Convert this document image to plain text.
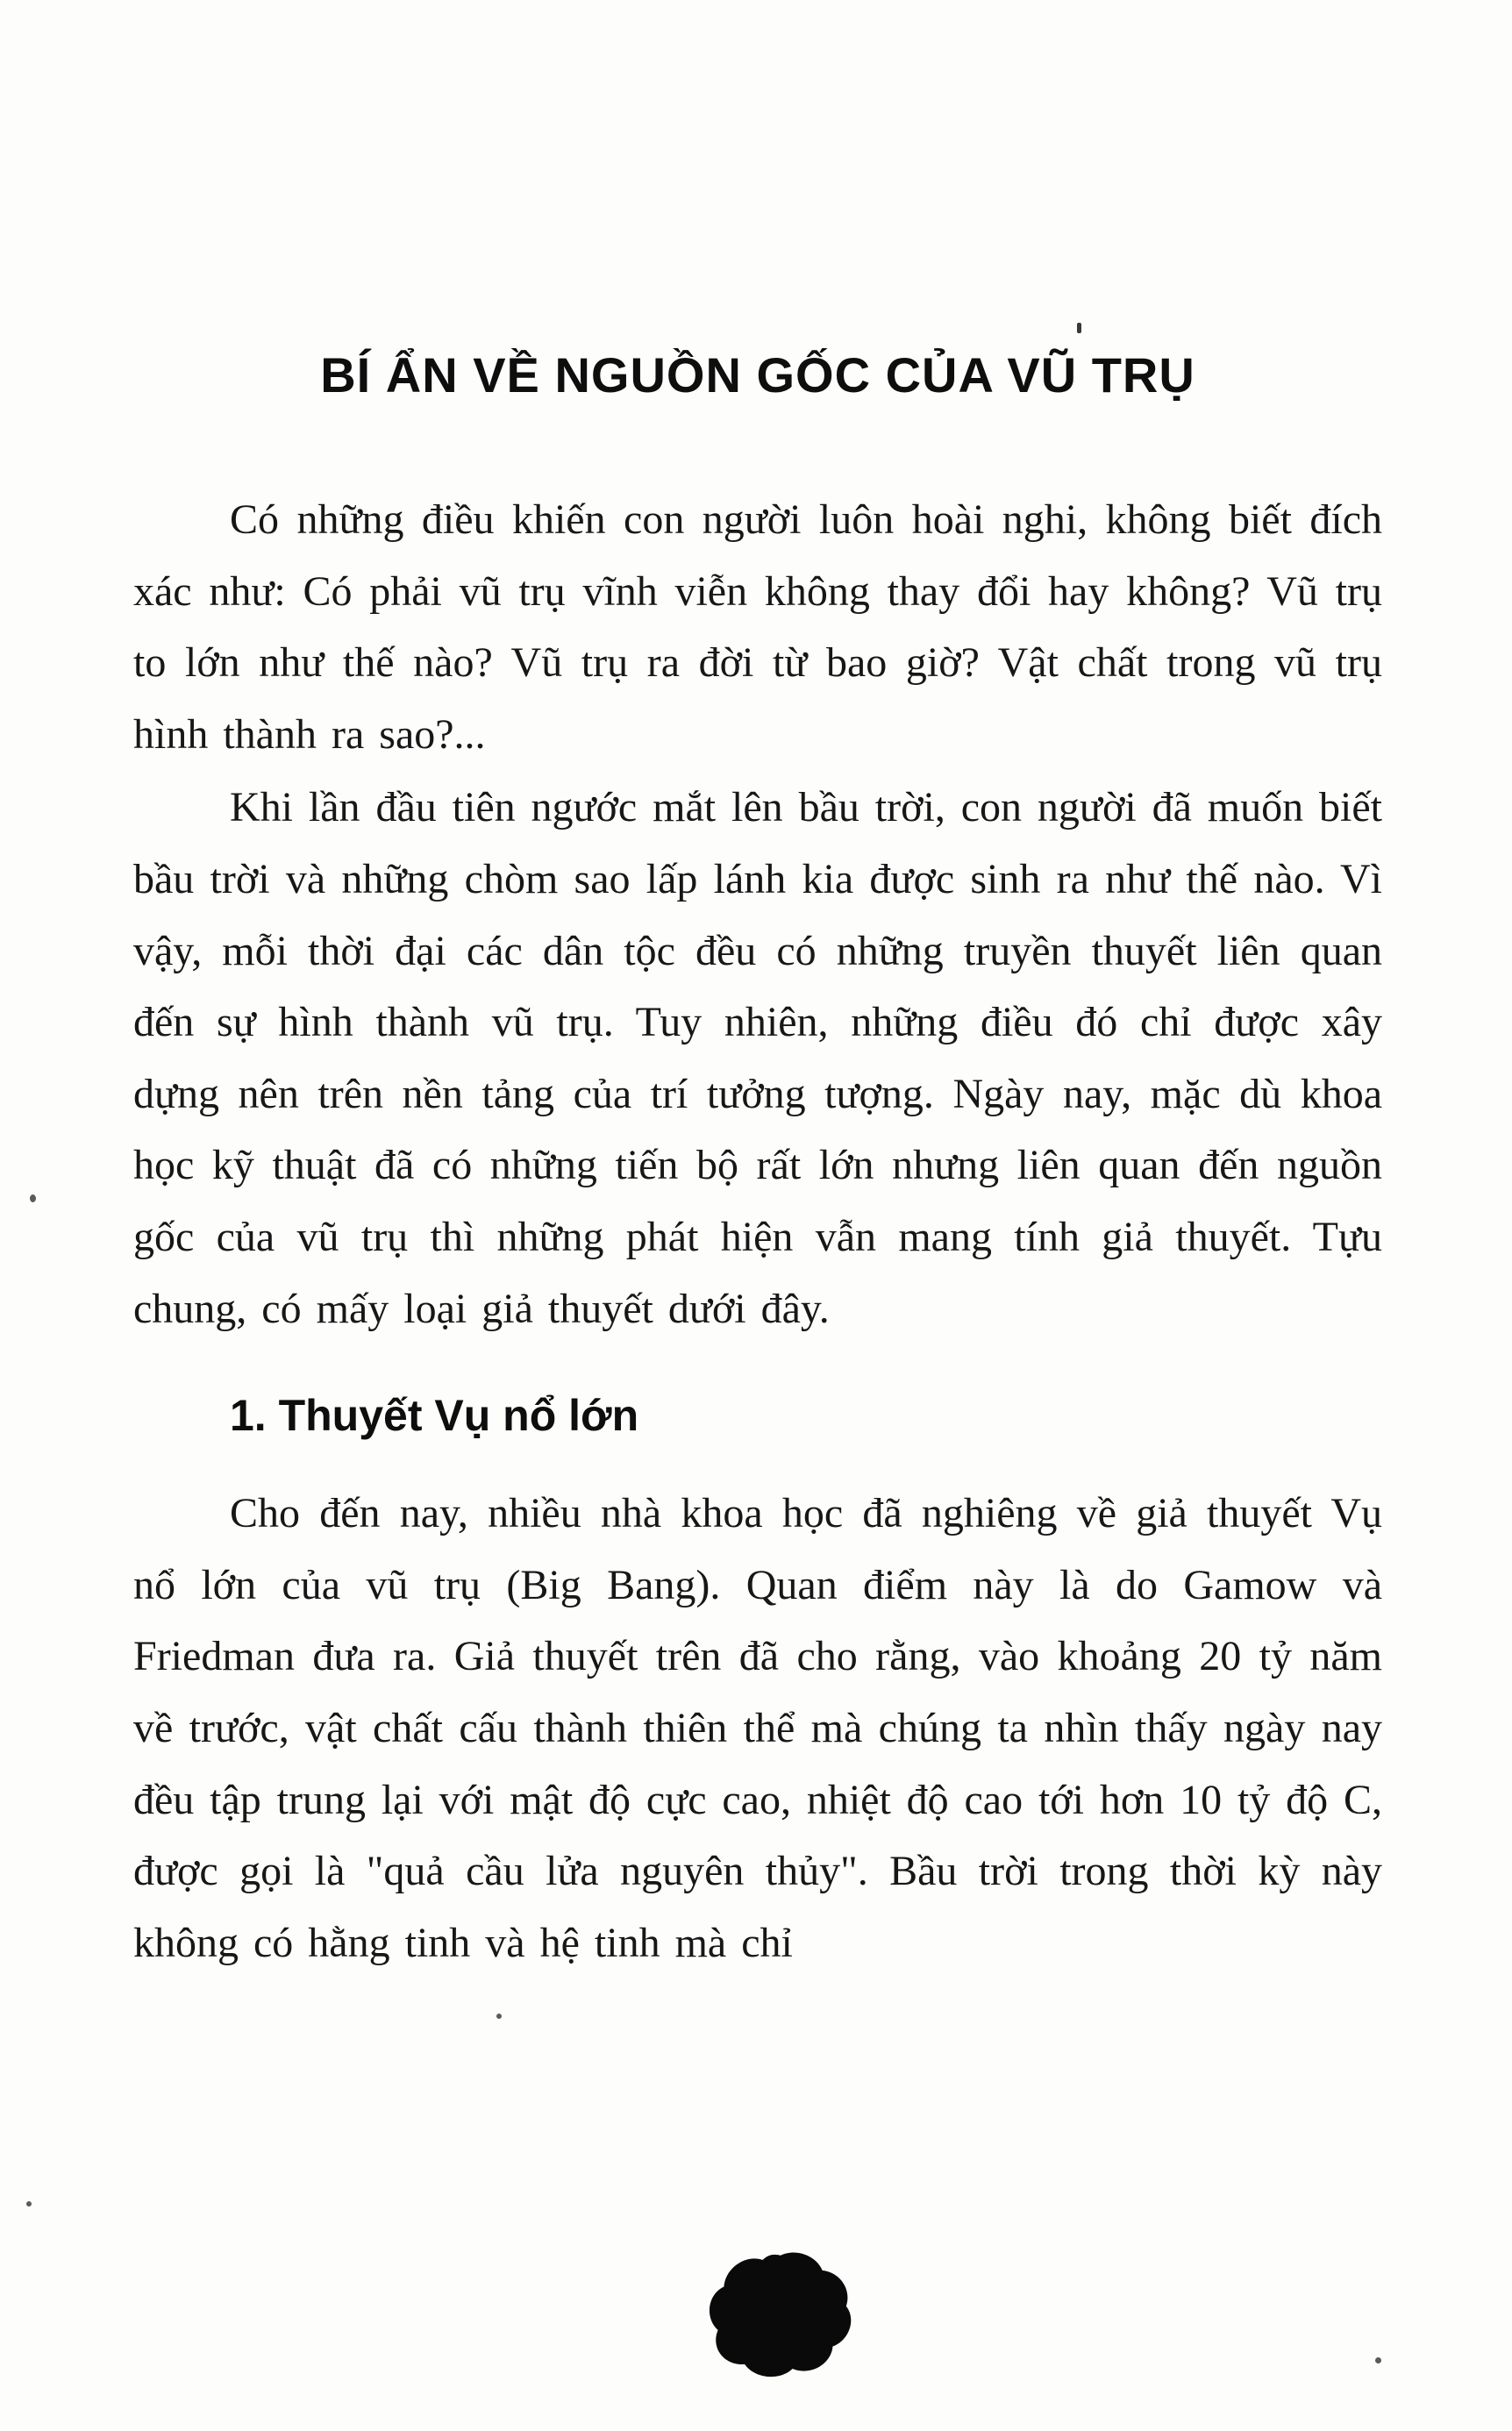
BÍ ẨN VỀ NGUỒN GỐC CỦA VŨ TRỤ

Có những điều khiến con người luôn hoài nghi, không biết đích xác như: Có phải vũ trụ vĩnh viễn không thay đổi hay không? Vũ trụ to lớn như thế nào? Vũ trụ ra đời từ bao giờ? Vật chất trong vũ trụ hình thành ra sao?...

Khi lần đầu tiên ngước mắt lên bầu trời, con người đã muốn biết bầu trời và những chòm sao lấp lánh kia được sinh ra như thế nào. Vì vậy, mỗi thời đại các dân tộc đều có những truyền thuyết liên quan đến sự hình thành vũ trụ. Tuy nhiên, những điều đó chỉ được xây dựng nên trên nền tảng của trí tưởng tượng. Ngày nay, mặc dù khoa học kỹ thuật đã có những tiến bộ rất lớn nhưng liên quan đến nguồn gốc của vũ trụ thì những phát hiện vẫn mang tính giả thuyết. Tựu chung, có mấy loại giả thuyết dưới đây.

1. Thuyết Vụ nổ lớn

Cho đến nay, nhiều nhà khoa học đã nghiêng về giả thuyết Vụ nổ lớn của vũ trụ (Big Bang). Quan điểm này là do Gamow và Friedman đưa ra. Giả thuyết trên đã cho rằng, vào khoảng 20 tỷ năm về trước, vật chất cấu thành thiên thể mà chúng ta nhìn thấy ngày nay đều tập trung lại với mật độ cực cao, nhiệt độ cao tới hơn 10 tỷ độ C, được gọi là "quả cầu lửa nguyên thủy". Bầu trời trong thời kỳ này không có hằng tinh và hệ tinh mà chỉ
